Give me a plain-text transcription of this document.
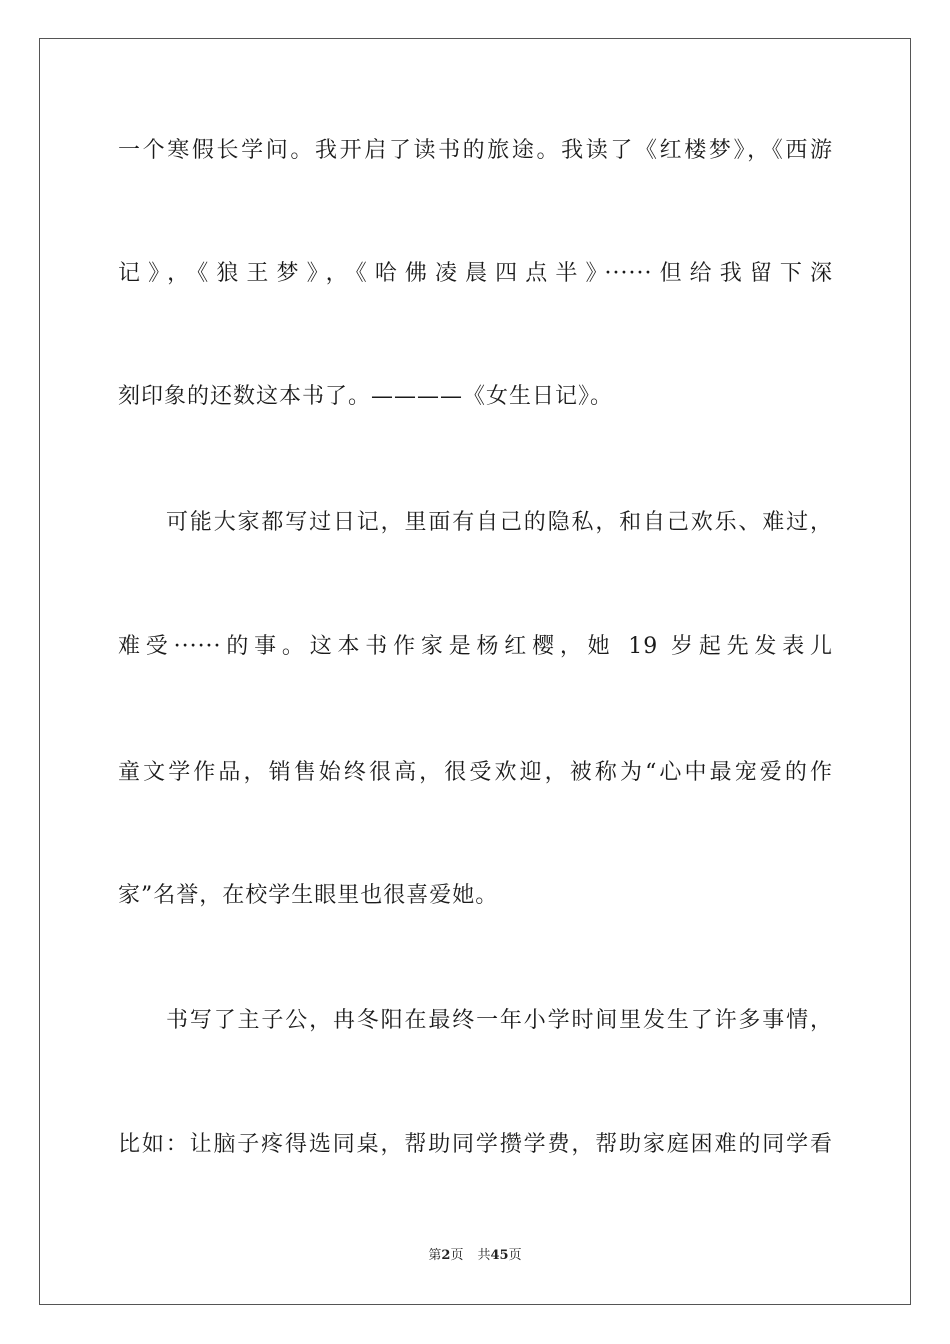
一个寒假长学问。我开启了读书的旅途。我读了《红楼梦》，《西游
记》，《狼王梦》，《哈佛凌晨四点半》······但给我留下深
刻印象的还数这本书了。————《女生日记》。
可能大家都写过日记，里面有自己的隐私，和自己欢乐、难过，
难受······的事。这本书作家是杨红樱，她 19 岁起先发表儿
童文学作品，销售始终很高，很受欢迎，被称为“心中最宠爱的作
家”名誉，在校学生眼里也很喜爱她。
书写了主子公，冉冬阳在最终一年小学时间里发生了许多事情，
比如：让脑子疼得选同桌，帮助同学攒学费，帮助家庭困难的同学看
第2页 共45页
